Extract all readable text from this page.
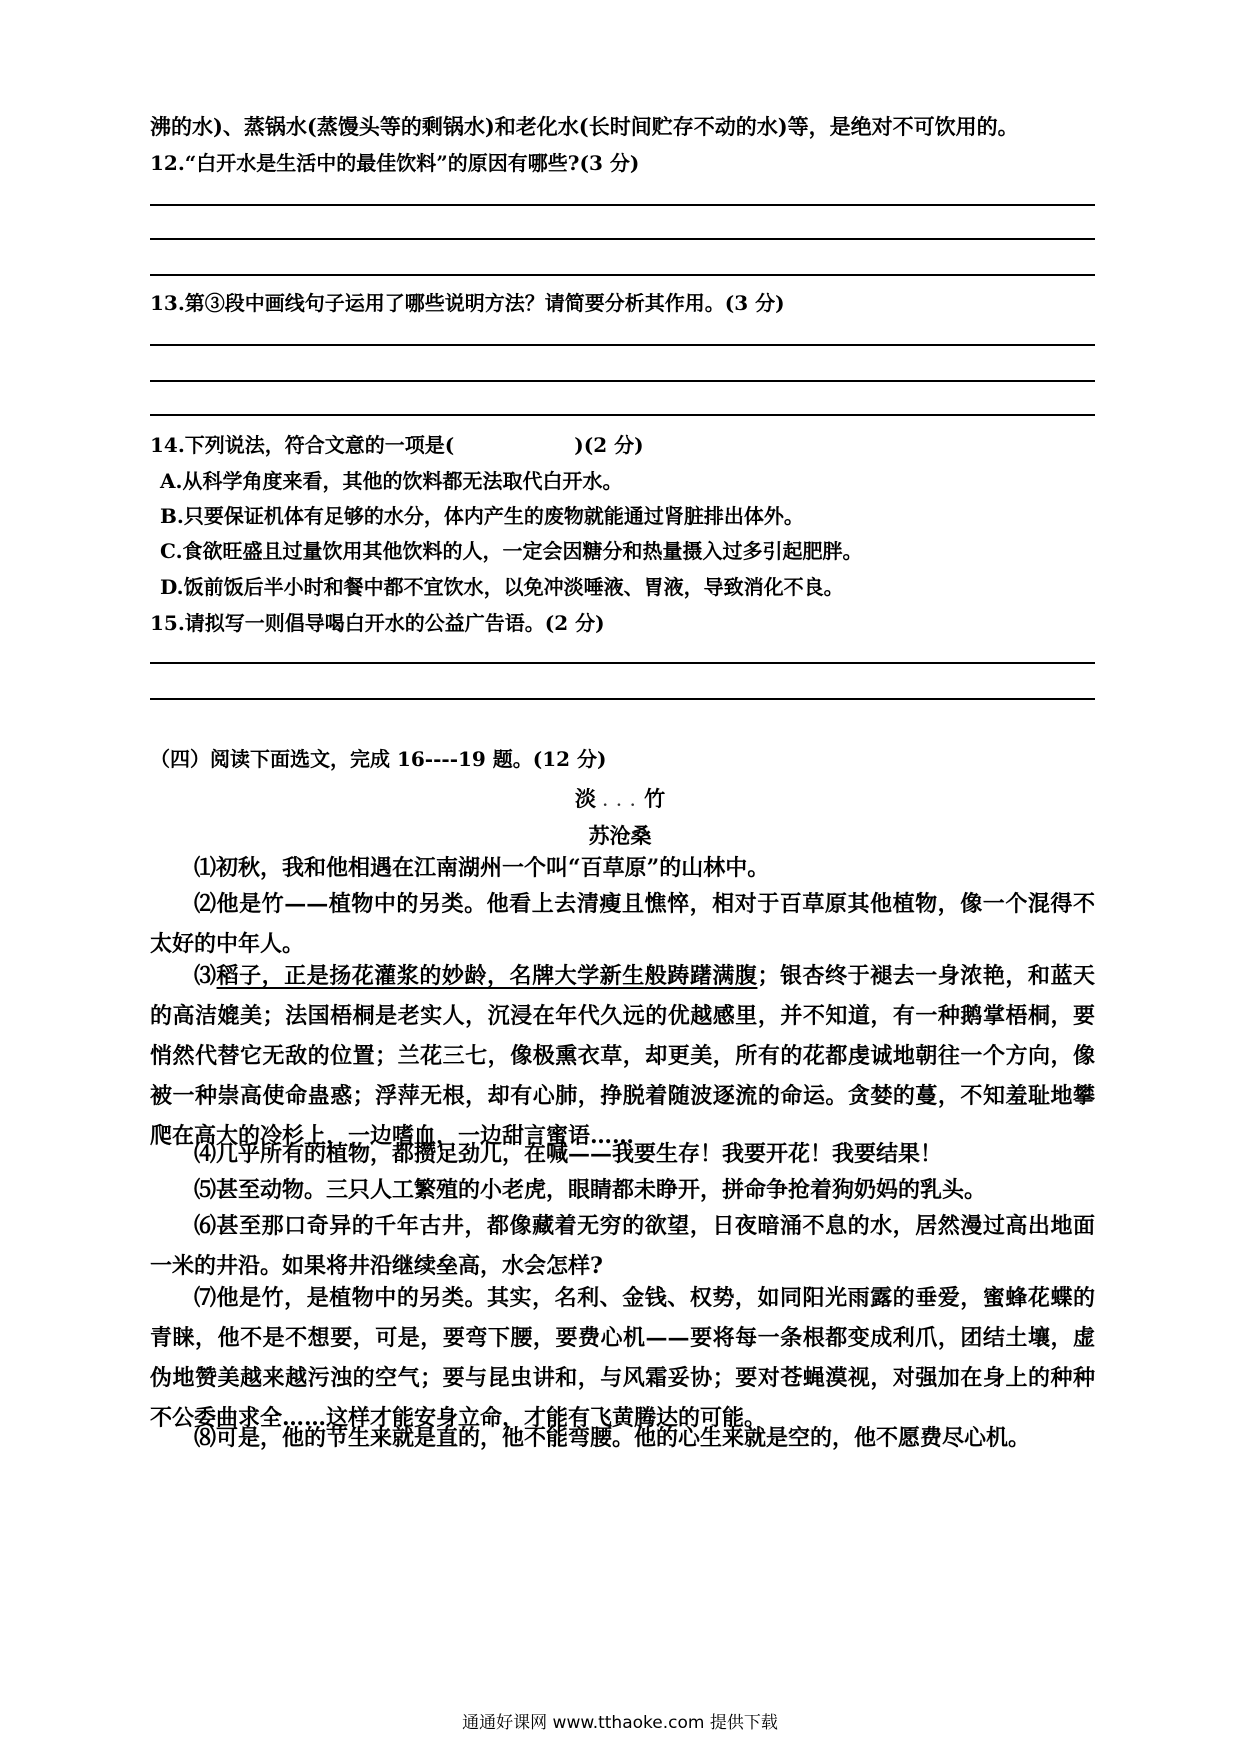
沸的水)、蒸锅水(蒸馒头等的剩锅水)和老化水(长时间贮存不动的水)等，是绝对不可饮用的。
12.“白开水是生活中的最佳饮料”的原因有哪些?(3 分)
13.第③段中画线句子运用了哪些说明方法？请简要分析其作用。(3 分)
14.下列说法，符合文意的一项是(	)(2 分)
A.从科学角度来看，其他的饮料都无法取代白开水。
B.只要保证机体有足够的水分，体内产生的废物就能通过肾脏排出体外。
C.食欲旺盛且过量饮用其他饮料的人，一定会因糖分和热量摄入过多引起肥胖。
D.饭前饭后半小时和餐中都不宜饮水，以免冲淡唾液、胃液，导致消化不良。
15.请拟写一则倡导喝白开水的公益广告语。(2 分)
（四）阅读下面选文，完成 16----19 题。(12 分)
淡 . . . 竹
苏沧桑
⑴初秋，我和他相遇在江南湖州一个叫“百草原”的山林中。
⑵他是竹——植物中的另类。他看上去清瘦且憔悴，相对于百草原其他植物，像一个混得不太好的中年人。
⑶稻子，正是扬花灌浆的妙龄，名牌大学新生般踌躇满腹；银杏终于褪去一身浓艳，和蓝天的高洁媲美；法国梧桐是老实人，沉浸在年代久远的优越感里，并不知道，有一种鹅掌梧桐，要悄然代替它无敌的位置；兰花三七，像极熏衣草，却更美，所有的花都虔诚地朝往一个方向，像被一种崇高使命蛊惑；浮萍无根，却有心肺，挣脱着随波逐流的命运。贪婪的蔓，不知羞耻地攀爬在高大的冷杉上，一边嗜血，一边甜言蜜语……
⑷几乎所有的植物，都攒足劲儿，在喊——我要生存！我要开花！我要结果！
⑸甚至动物。三只人工繁殖的小老虎，眼睛都未睁开，拼命争抢着狗奶妈的乳头。
⑹甚至那口奇异的千年古井，都像藏着无穷的欲望，日夜暗涌不息的水，居然漫过高出地面一米的井沿。如果将井沿继续垒高，水会怎样?
⑺他是竹，是植物中的另类。其实，名利、金钱、权势，如同阳光雨露的垂爱，蜜蜂花蝶的青睐，他不是不想要，可是，要弯下腰，要费心机——要将每一条根都变成利爪，团结土壤，虚伪地赞美越来越污浊的空气；要与昆虫讲和，与风霜妥协；要对苍蝇漠视，对强加在身上的种种不公委曲求全……这样才能安身立命，才能有飞黄腾达的可能。
⑻可是，他的节生来就是直的，他不能弯腰。他的心生来就是空的，他不愿费尽心机。
通通好课网 www.tthaoke.com 提供下载
